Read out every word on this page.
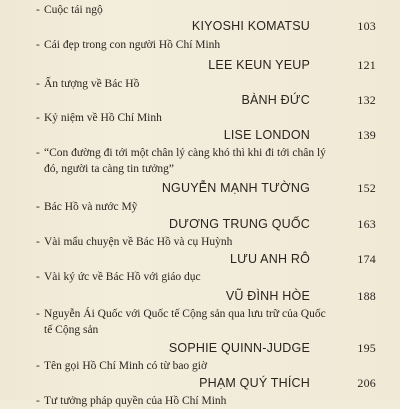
- Cuộc tái ngộ
KIYOSHI KOMATSU	103
- Cái đẹp trong con người Hồ Chí Minh
LEE KEUN YEUP	121
- Ấn tượng về Bác Hồ
BÀNH ĐỨC	132
- Kỷ niệm về Hồ Chí Minh
LISE LONDON	139
- “Con đường đi tới một chân lý càng khó thì khi đi tới chân lý đó, người ta càng tin tưởng”
NGUYỄN MẠNH TƯỜNG	152
- Bác Hồ và nước Mỹ
DƯƠNG TRUNG QUỐC	163
- Vài mẩu chuyện về Bác Hồ và cụ Huỳnh
LƯU ANH RÔ	174
- Vài ký ức về Bác Hồ với giáo dục
VŨ ĐÌNH HÒE	188
- Nguyễn Ái Quốc với Quốc tế Cộng sản qua lưu trữ của Quốc tế Cộng sản
SOPHIE QUINN-JUDGE	195
- Tên gọi Hồ Chí Minh có từ bao giờ
PHẠM QUÝ THÍCH	206
- Tư tưởng pháp quyền của Hồ Chí Minh
